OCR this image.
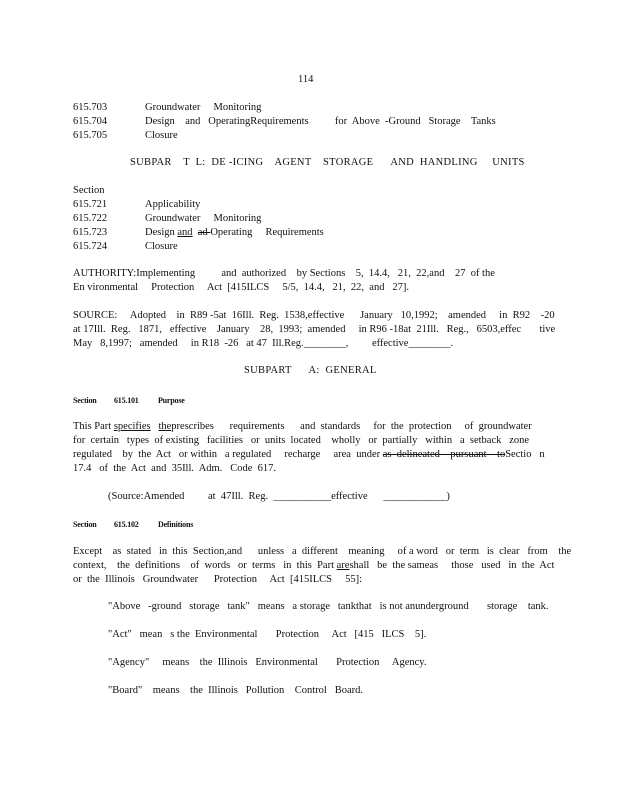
114
615.703	Groundwater     Monitoring
615.704	Design    and   OperatingRequirements          for  Above  -Ground   Storage    Tanks
615.705	Closure
SUBPAR    T  L:  DE -ICING    AGENT    STORAGE      AND  HANDLING     UNITS
Section
615.721	Applicability
615.722	Groundwater     Monitoring
615.723	Design and ad Operating     Requirements
615.724	Closure
AUTHORITY:Implementing          and  authorized    by Sections    5,  14.4,   21,  22,and    27  of the
En vironmental     Protection     Act  [415ILCS     5/5,  14.4,   21,  22,  and   27].
SOURCE:     Adopted    in  R89 -5at  16Ill.  Reg.  1538,effective      January   10,1992;    amended     in  R92    -20
at 17Ill.  Reg.   1871,   effective    January    28,  1993;  amended     in R96 -18at  21Ill.   Reg.,   6503,effec       tive
May   8,1997;   amended     in R18  -26   at 47  Ill.Reg.________,         effective________.
SUBPART      A:  GENERAL
Section 615.101 Purpose
This Part specifies theprescribes      requirements      and  standards     for  the  protection     of  groundwater
for  certain   types  of existing   facilities   or  units  located    wholly   or  partially   within   a  setback   zone
regulated    by  the  Act   or within   a regulated     recharge     area  under as  delineated    pursuant    toSectio   n
17.4   of  the  Act  and  35Ill.  Adm.   Code  617.
(Source:Amended         at  47Ill.  Reg. ___________effective ____________)
Section 615.102 Definitions
Except    as  stated   in  this  Section,and      unless   a  different    meaning     of a word   or  term   is  clear   from    the
context,    the  definitions    of  words   or  terms   in  this  Part areshall   be  the sameas     those   used   in  the  Act
or  the  Illinois   Groundwater      Protection     Act  [415ILCS     55]:
"Above   -ground   storage   tank"   means   a storage   tankthat   is not anunderground       storage    tank.
"Act"   mean   s the  Environmental       Protection     Act   [415   ILCS    5].
"Agency"     means    the  Illinois   Environmental       Protection     Agency.
"Board"    means    the  Illinois   Pollution    Control   Board.
